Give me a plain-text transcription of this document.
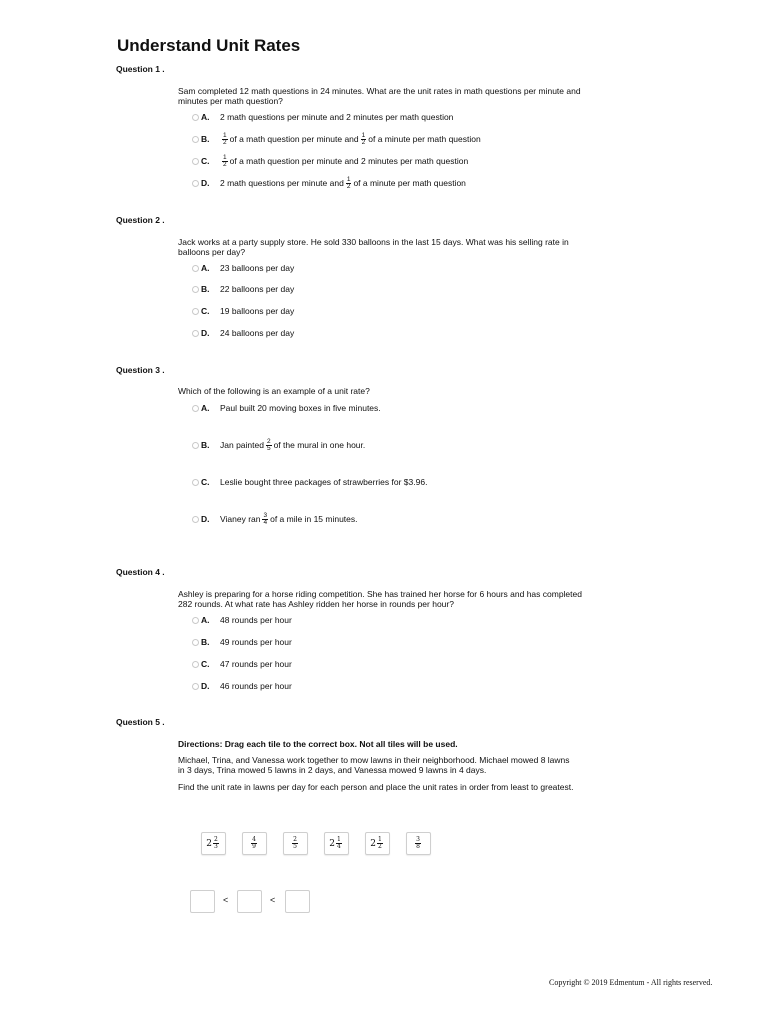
Understand Unit Rates
Question 1 .
Sam completed 12 math questions in 24 minutes. What are the unit rates in math questions per minute and minutes per math question?
A.	2 math questions per minute and 2 minutes per math question
B.	$\frac{1}{2}$ of a math question per minute and $\frac{1}{2}$ of a minute per math question
C.	$\frac{1}{2}$ of a math question per minute and 2 minutes per math question
D.	2 math questions per minute and $\frac{1}{2}$ of a minute per math question
Question 2 .
Jack works at a party supply store. He sold 330 balloons in the last 15 days. What was his selling rate in balloons per day?
A.	23 balloons per day
B.	22 balloons per day
C.	19 balloons per day
D.	24 balloons per day
Question 3 .
Which of the following is an example of a unit rate?
A.	Paul built 20 moving boxes in five minutes.
B.	Jan painted $\frac{2}{5}$ of the mural in one hour.
C.	Leslie bought three packages of strawberries for $3.96.
D.	Vianey ran $\frac{3}{4}$ of a mile in 15 minutes.
Question 4 .
Ashley is preparing for a horse riding competition. She has trained her horse for 6 hours and has completed 282 rounds. At what rate has Ashley ridden her horse in rounds per hour?
A.	48 rounds per hour
B.	49 rounds per hour
C.	47 rounds per hour
D.	46 rounds per hour
Question 5 .
Directions: Drag each tile to the correct box. Not all tiles will be used.
Michael, Trina, and Vanessa work together to mow lawns in their neighborhood. Michael mowed 8 lawns in 3 days, Trina mowed 5 lawns in 2 days, and Vanessa mowed 9 lawns in 4 days.
Find the unit rate in lawns per day for each person and place the unit rates in order from least to greatest.
$2 \frac{2}{3}$	$\frac{4}{9}$	$\frac{2}{5}$	$2 \frac{1}{4}$	$2 \frac{1}{2}$	$\frac{3}{8}$
<	<
Copyright © 2019 Edmentum - All rights reserved.
